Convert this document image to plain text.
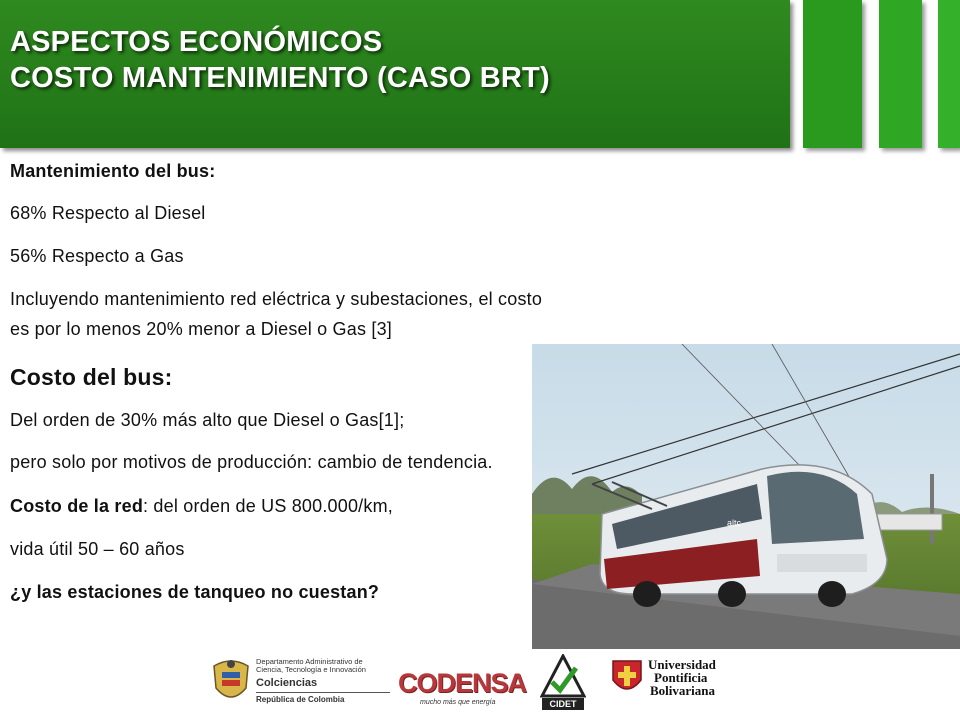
ASPECTOS ECONÓMICOS
COSTO MANTENIMIENTO (CASO BRT)
Mantenimiento del bus:
68% Respecto al Diesel
56% Respecto a Gas
Incluyendo mantenimiento red eléctrica y subestaciones, el costo
es por lo menos 20% menor a Diesel o Gas [3]
Costo del bus:
Del orden de 30% más alto que Diesel o Gas[1];
altc
pero solo por motivos de producción: cambio de tendencia.
Costo de la red: del orden de US 800.000/km,
vida útil 50 – 60 años
¿y las estaciones de tanqueo no cuestan?
Departamento Administrativo de
Ciencia, Tecnología e Innovación
Colciencias
República de Colombia
CODENSA
mucho más que energía	CIDET
Universidad
Pontificia
Bolivariana
